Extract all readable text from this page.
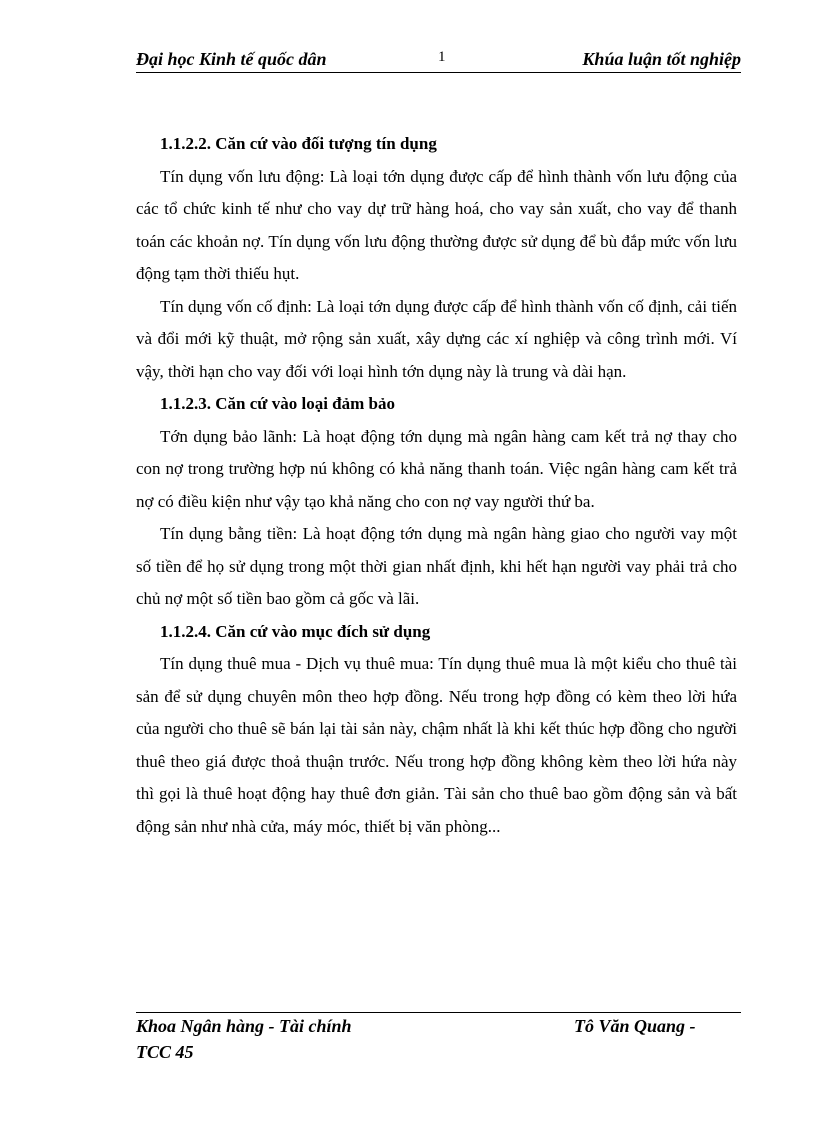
Đại học Kinh tế quốc dân	1	Khúa luận tốt nghiệp
1.1.2.2. Căn cứ vào đối tượng tín dụng

Tín dụng vốn lưu động: Là loại tớn dụng được cấp để hình thành vốn lưu động của các tổ chức kinh tế như cho vay dự trữ hàng hoá, cho vay sản xuất, cho vay để thanh toán các khoản nợ. Tín dụng vốn lưu động thường được sử dụng để bù đắp mức vốn lưu động tạm thời thiếu hụt.

Tín dụng vốn cố định: Là loại tớn dụng được cấp để hình thành vốn cố định, cải tiến và đổi mới kỹ thuật, mở rộng sản xuất, xây dựng các xí nghiệp và công trình mới. Ví vậy, thời hạn cho vay đối với loại hình tớn dụng này là trung và dài hạn.

1.1.2.3. Căn cứ vào loại đảm bảo

Tớn dụng bảo lãnh: Là hoạt động tớn dụng mà ngân hàng cam kết trả nợ thay cho con nợ trong trường hợp nú không có khả năng thanh toán. Việc ngân hàng cam kết trả nợ có điều kiện như vậy tạo khả năng cho con nợ vay người thứ ba.

Tín dụng bằng tiền: Là hoạt động tớn dụng mà ngân hàng giao cho người vay một số tiền để họ sử dụng trong một thời gian nhất định, khi hết hạn người vay phải trả cho chủ nợ một số tiền bao gồm cả gốc và lãi.

1.1.2.4. Căn cứ vào mục đích sử dụng

Tín dụng thuê mua - Dịch vụ thuê mua: Tín dụng thuê mua là một kiểu cho thuê tài sản để sử dụng chuyên môn theo hợp đồng. Nếu trong hợp đồng có kèm theo lời hứa của người cho thuê sẽ bán lại tài sản này, chậm nhất là khi kết thúc hợp đồng cho người thuê theo giá được thoả thuận trước. Nếu trong hợp đồng không kèm theo lời hứa này thì gọi là thuê hoạt động hay thuê đơn giản. Tài sản cho thuê bao gồm động sản và bất động sản như nhà cửa, máy móc, thiết bị văn phòng...

Khoa Ngân hàng - Tài chính	Tô Văn Quang -
TCC 45
